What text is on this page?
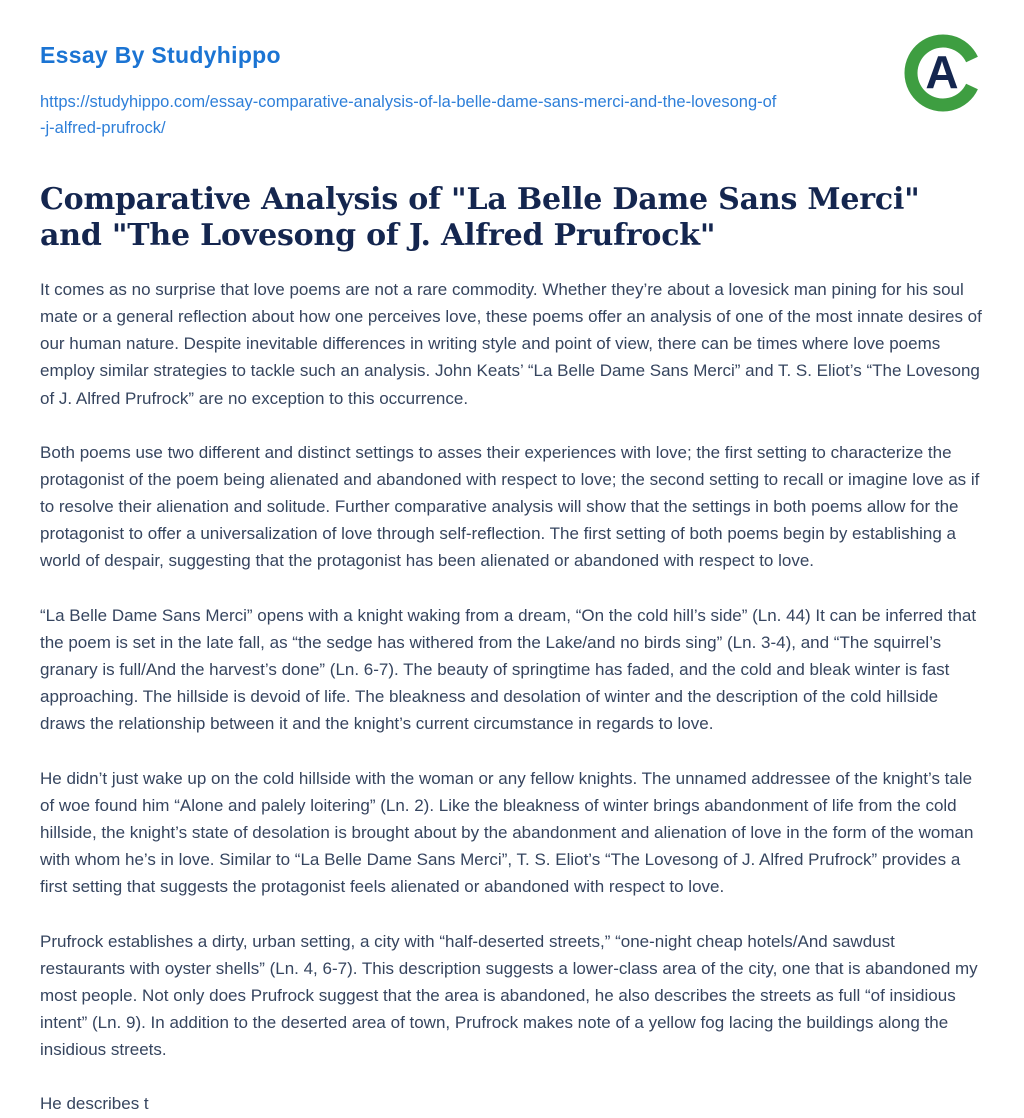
Essay By Studyhippo
https://studyhippo.com/essay-comparative-analysis-of-la-belle-dame-sans-merci-and-the-lovesong-of-j-alfred-prufrock/
A
Comparative Analysis of "La Belle Dame Sans Merci" and "The Lovesong of J. Alfred Prufrock"

It comes as no surprise that love poems are not a rare commodity. Whether they’re about a lovesick man pining for his soul mate or a general reflection about how one perceives love, these poems offer an analysis of one of the most innate desires of our human nature. Despite inevitable differences in writing style and point of view, there can be times where love poems employ similar strategies to tackle such an analysis. John Keats’ “La Belle Dame Sans Merci” and T. S. Eliot’s “The Lovesong of J. Alfred Prufrock” are no exception to this occurrence.

Both poems use two different and distinct settings to asses their experiences with love; the first setting to characterize the protagonist of the poem being alienated and abandoned with respect to love; the second setting to recall or imagine love as if to resolve their alienation and solitude. Further comparative analysis will show that the settings in both poems allow for the protagonist to offer a universalization of love through self-reflection. The first setting of both poems begin by establishing a world of despair, suggesting that the protagonist has been alienated or abandoned with respect to love.

“La Belle Dame Sans Merci” opens with a knight waking from a dream, “On the cold hill’s side” (Ln. 44) It can be inferred that the poem is set in the late fall, as “the sedge has withered from the Lake/and no birds sing” (Ln. 3-4), and “The squirrel’s granary is full/And the harvest’s done” (Ln. 6-7). The beauty of springtime has faded, and the cold and bleak winter is fast approaching. The hillside is devoid of life. The bleakness and desolation of winter and the description of the cold hillside draws the relationship between it and the knight’s current circumstance in regards to love.

He didn’t just wake up on the cold hillside with the woman or any fellow knights. The unnamed addressee of the knight’s tale of woe found him “Alone and palely loitering” (Ln. 2). Like the bleakness of winter brings abandonment of life from the cold hillside, the knight’s state of desolation is brought about by the abandonment and alienation of love in the form of the woman with whom he’s in love. Similar to “La Belle Dame Sans Merci”, T. S. Eliot’s “The Lovesong of J. Alfred Prufrock” provides a first setting that suggests the protagonist feels alienated or abandoned with respect to love.

Prufrock establishes a dirty, urban setting, a city with “half-deserted streets,” “one-night cheap hotels/And sawdust restaurants with oyster shells” (Ln. 4, 6-7). This description suggests a lower-class area of the city, one that is abandoned my most people. Not only does Prufrock suggest that the area is abandoned, he also describes the streets as full “of insidious intent” (Ln. 9). In addition to the deserted area of town, Prufrock makes note of a yellow fog lacing the buildings along the insidious streets.

He describes t
